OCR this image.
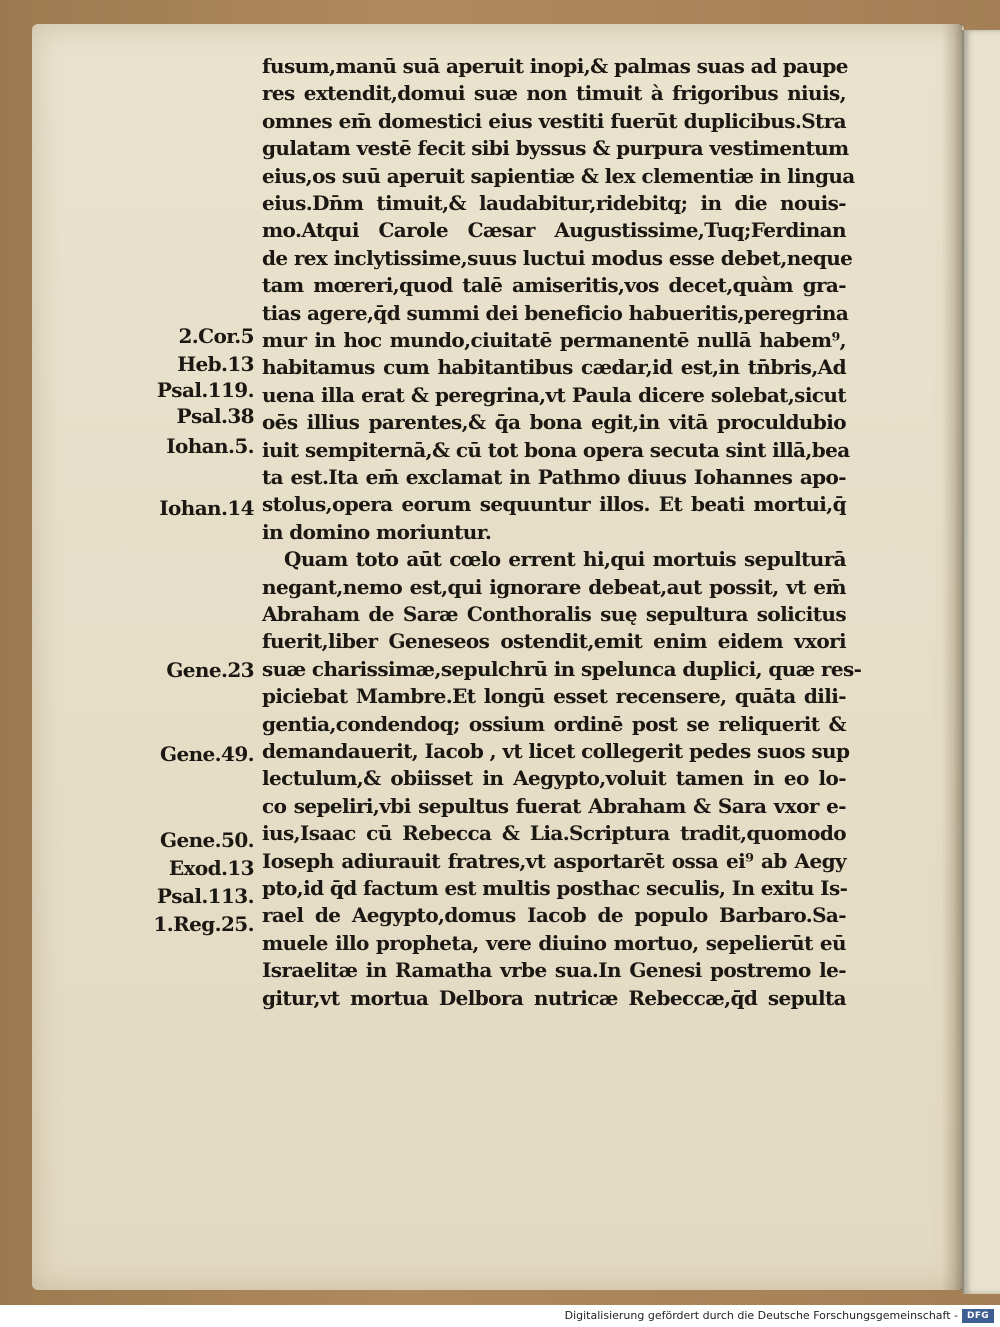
fusum,manū suā aperuit inopi,& palmas suas ad paupe
res extendit,domui suæ non timuit à frigoribus niuis,
omnes em̄ domestici eius vestiti fuerūt duplicibus.Stra
gulatam vestē fecit sibi byssus & purpura vestimentum
eius,os suū aperuit sapientiæ & lex clementiæ in lingua
eius.Dn̄m timuit,& laudabitur,ridebitq; in die nouis-
mo.Atqui Carole Cæsar Augustissime,Tuq;Ferdinan
de rex inclytissime,suus luctui modus esse debet,neque
tam mœreri,quod talē amiseritis,vos decet,quàm gra-
tias agere,q̄d summi dei beneficio habueritis,peregrina
mur in hoc mundo,ciuitatē permanentē nullā habem⁹,
habitamus cum habitantibus cædar,id est,in tn̄bris,Ad
uena illa erat & peregrina,vt Paula dicere solebat,sicut
oēs illius parentes,& q̄a bona egit,in vitā proculdubio
iuit sempiternā,& cū tot bona opera secuta sint illā,bea
ta est.Ita em̄ exclamat in Pathmo diuus Iohannes apo-
stolus,opera eorum sequuntur illos. Et beati mortui,q̄
in domino moriuntur.
Quam toto aūt cœlo errent hi,qui mortuis sepulturā
negant,nemo est,qui ignorare debeat,aut possit, vt em̄
Abraham de Saræ Conthoralis suę sepultura solicitus
fuerit,liber Geneseos ostendit,emit enim eidem vxori
suæ charissimæ,sepulchrū in spelunca duplici, quæ res-
piciebat Mambre.Et longū esset recensere, quāta dili-
gentia,condendoq; ossium ordinē post se reliquerit &
demandauerit, Iacob , vt licet collegerit pedes suos sup
lectulum,& obiisset in Aegypto,voluit tamen in eo lo-
co sepeliri,vbi sepultus fuerat Abraham & Sara vxor e-
ius,Isaac cū Rebecca & Lia.Scriptura tradit,quomodo
Ioseph adiurauit fratres,vt asportarēt ossa ei⁹ ab Aegy
pto,id q̄d factum est multis posthac seculis, In exitu Is-
rael de Aegypto,domus Iacob de populo Barbaro.Sa-
muele illo propheta, vere diuino mortuo, sepelierūt eū
Israelitæ in Ramatha vrbe sua.In Genesi postremo le-
gitur,vt mortua Delbora nutricæ Rebeccæ,q̄d sepulta
2.Cor.5
Heb.13
Psal.119.
Psal.38
Iohan.5.
Iohan.14
Gene.23
Gene.49.
Gene.50.
Exod.13
Psal.113.
1.Reg.25.
Digitalisierung gefördert durch die Deutsche Forschungsgemeinschaft -	DFG
